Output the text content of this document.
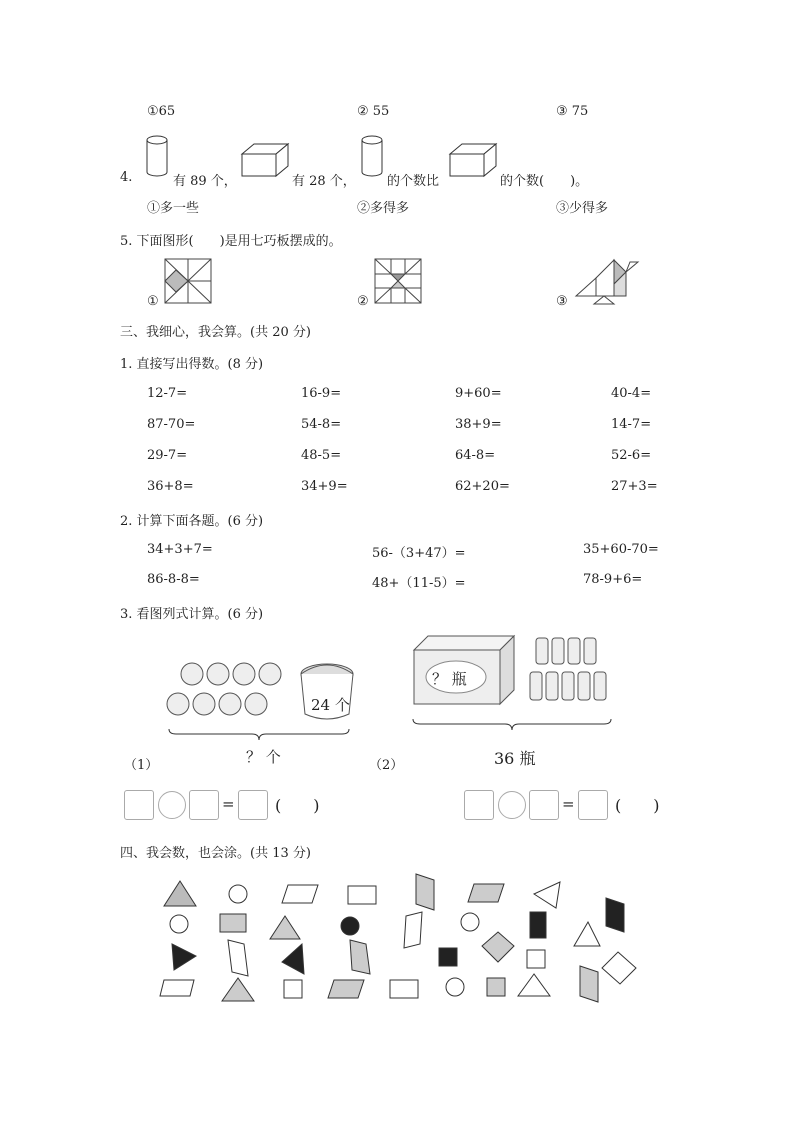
①65	② 55	③ 75
4.	有 89 个，	有 28 个， 的个数比	的个数(　　)。
①多一些	②多得多	③少得多
5. 下面图形(　　)是用七巧板摆成的。
①	②	③
三、我细心，我会算。(共 20 分)
1. 直接写出得数。(8 分)
12-7=	16-9=	9+60=	40-4=
87-70=	54-8=	38+9=	14-7=
29-7=	48-5=	64-8=	52-6=
36+8=	34+9=	62+20=	27+3=
2. 计算下面各题。(6 分)
34+3+7=	56-（3+47）=	35+60-70=
86-8-8=	48+（11-5）=	78-9+6=
3. 看图列式计算。(6 分)
24 个
？ 个
（1）
？ 瓶
36 瓶
（2）
=	(　　)	=	(　　)
四、我会数，也会涂。(共 13 分)
